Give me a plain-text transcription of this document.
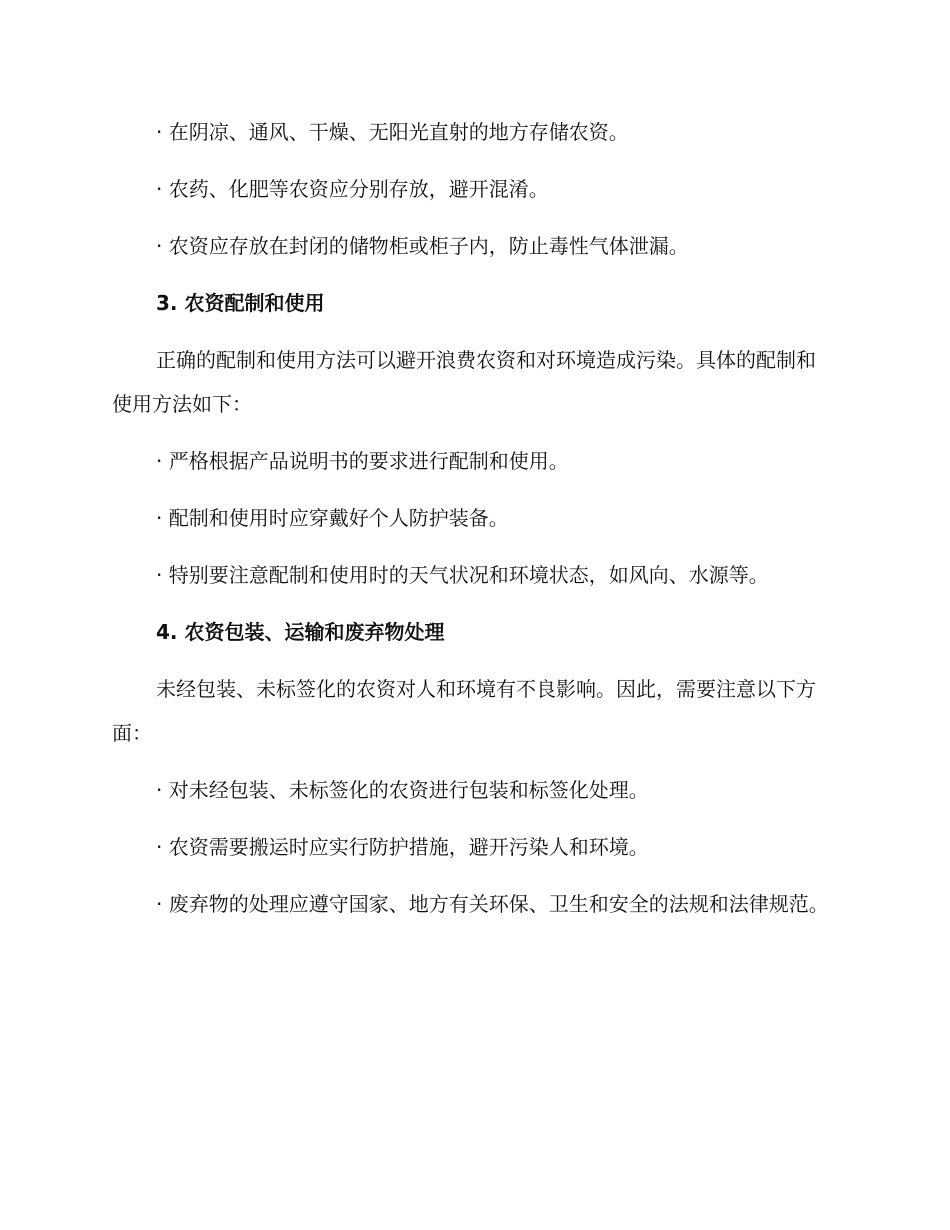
· 在阴凉、通风、干燥、无阳光直射的地方存储农资。

· 农药、化肥等农资应分别存放，避开混淆。

· 农资应存放在封闭的储物柜或柜子内，防止毒性气体泄漏。

3. 农资配制和使用

正确的配制和使用方法可以避开浪费农资和对环境造成污染。具体的配制和使用方法如下：

· 严格根据产品说明书的要求进行配制和使用。

· 配制和使用时应穿戴好个人防护装备。

· 特别要注意配制和使用时的天气状况和环境状态，如风向、水源等。

4. 农资包装、运输和废弃物处理

未经包装、未标签化的农资对人和环境有不良影响。因此，需要注意以下方面：

· 对未经包装、未标签化的农资进行包装和标签化处理。

· 农资需要搬运时应实行防护措施，避开污染人和环境。

· 废弃物的处理应遵守国家、地方有关环保、卫生和安全的法规和法律规范。
